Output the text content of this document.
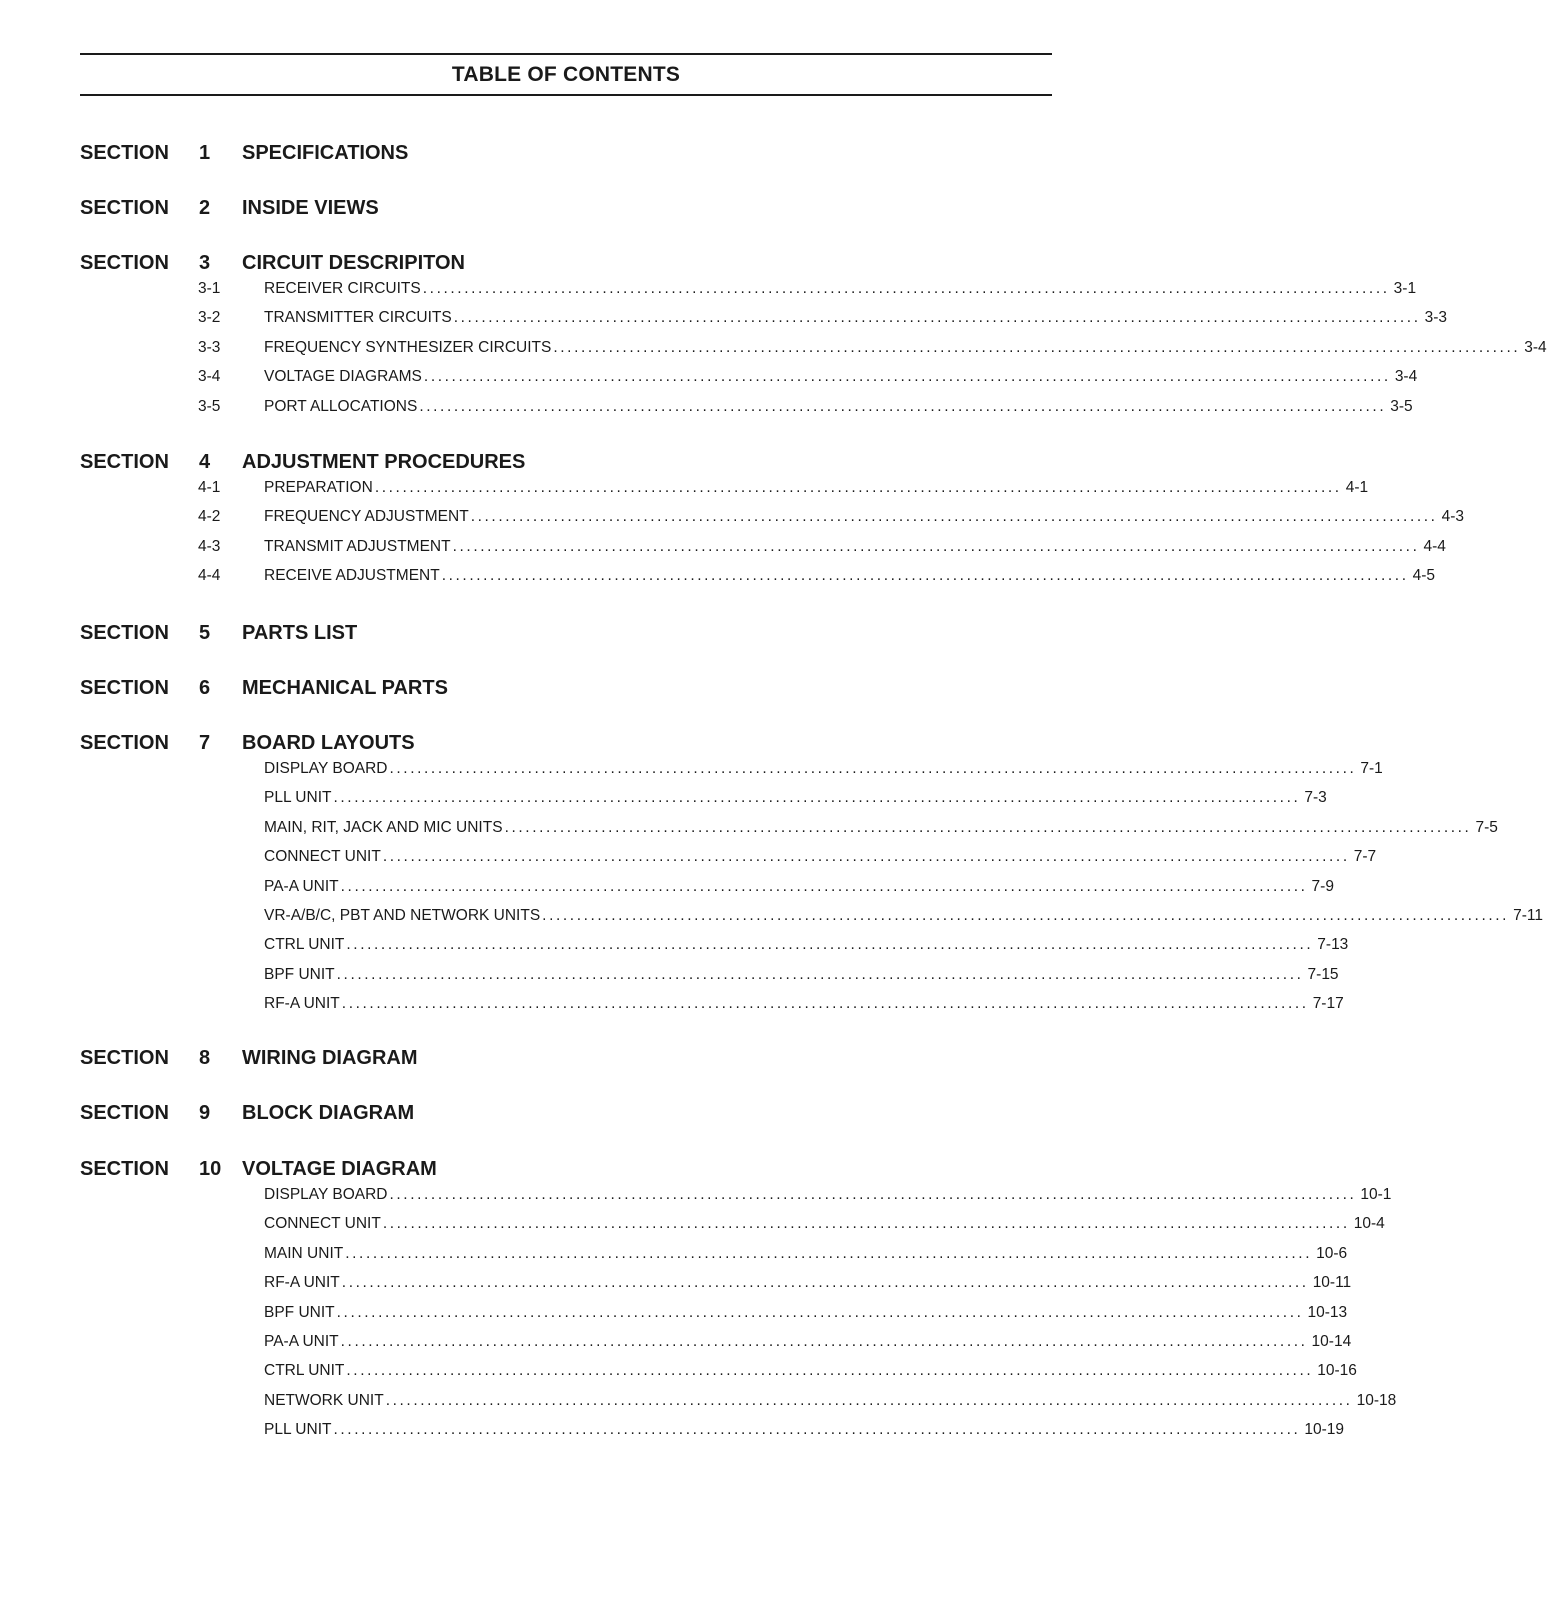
TABLE OF CONTENTS
SECTION	1	SPECIFICATIONS
SECTION	2	INSIDE VIEWS
SECTION	3	CIRCUIT DESCRIPITON
3-1	RECEIVER CIRCUITS ............................................................................................................................................ 3-1
3-2	TRANSMITTER CIRCUITS ............................................................................................................................................ 3-3
3-3	FREQUENCY SYNTHESIZER CIRCUITS ............................................................................................................................................ 3-4
3-4	VOLTAGE DIAGRAMS ............................................................................................................................................ 3-4
3-5	PORT ALLOCATIONS ............................................................................................................................................ 3-5
SECTION	4	ADJUSTMENT PROCEDURES
4-1	PREPARATION ............................................................................................................................................ 4-1
4-2	FREQUENCY ADJUSTMENT ............................................................................................................................................ 4-3
4-3	TRANSMIT ADJUSTMENT ............................................................................................................................................ 4-4
4-4	RECEIVE ADJUSTMENT ............................................................................................................................................ 4-5
SECTION	5	PARTS LIST
SECTION	6	MECHANICAL PARTS
SECTION	7	BOARD LAYOUTS
DISPLAY BOARD ............................................................................................................................................ 7-1
PLL UNIT ............................................................................................................................................ 7-3
MAIN, RIT, JACK AND MIC UNITS ............................................................................................................................................ 7-5
CONNECT UNIT ............................................................................................................................................ 7-7
PA-A UNIT ............................................................................................................................................ 7-9
VR-A/B/C, PBT AND NETWORK UNITS ............................................................................................................................................ 7-11
CTRL UNIT ............................................................................................................................................ 7-13
BPF UNIT ............................................................................................................................................ 7-15
RF-A UNIT ............................................................................................................................................ 7-17
SECTION	8	WIRING DIAGRAM
SECTION	9	BLOCK DIAGRAM
SECTION	10	VOLTAGE DIAGRAM
DISPLAY BOARD ............................................................................................................................................ 10-1
CONNECT UNIT ............................................................................................................................................ 10-4
MAIN UNIT ............................................................................................................................................ 10-6
RF-A UNIT ............................................................................................................................................ 10-11
BPF UNIT ............................................................................................................................................ 10-13
PA-A UNIT ............................................................................................................................................ 10-14
CTRL UNIT ............................................................................................................................................ 10-16
NETWORK UNIT ............................................................................................................................................ 10-18
PLL UNIT ............................................................................................................................................ 10-19
